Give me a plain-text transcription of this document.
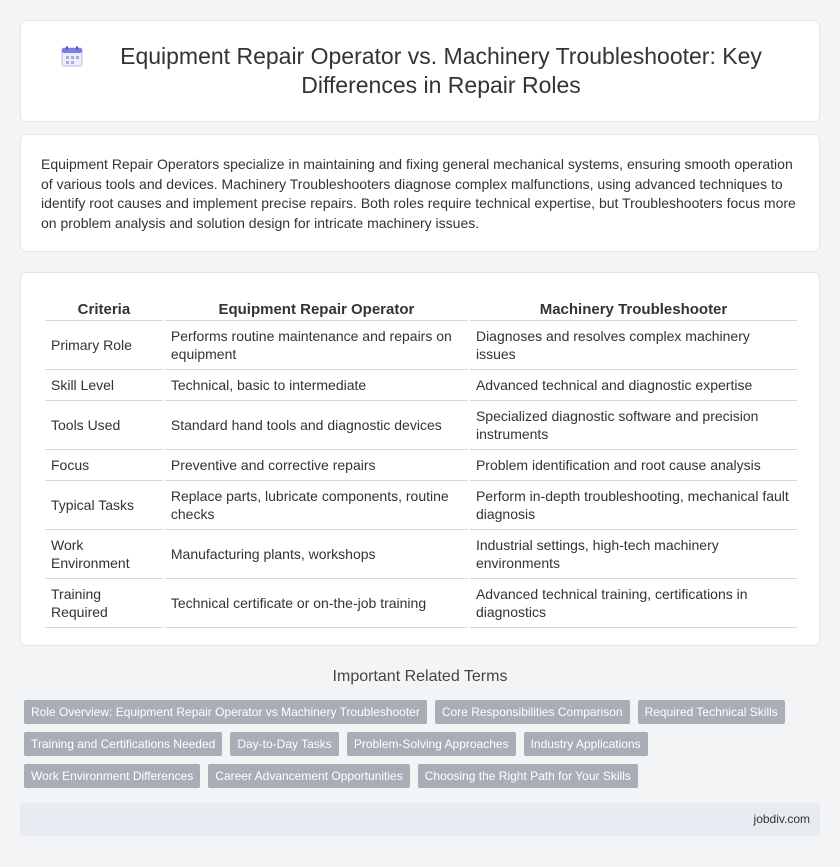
Equipment Repair Operator vs. Machinery Troubleshooter: Key Differences in Repair Roles

Equipment Repair Operators specialize in maintaining and fixing general mechanical systems, ensuring smooth operation of various tools and devices. Machinery Troubleshooters diagnose complex malfunctions, using advanced techniques to identify root causes and implement precise repairs. Both roles require technical expertise, but Troubleshooters focus more on problem analysis and solution design for intricate machinery issues.

Criteria	Equipment Repair Operator	Machinery Troubleshooter
Primary Role	Performs routine maintenance and repairs on equipment	Diagnoses and resolves complex machinery issues
Skill Level	Technical, basic to intermediate	Advanced technical and diagnostic expertise
Tools Used	Standard hand tools and diagnostic devices	Specialized diagnostic software and precision instruments
Focus	Preventive and corrective repairs	Problem identification and root cause analysis
Typical Tasks	Replace parts, lubricate components, routine checks	Perform in-depth troubleshooting, mechanical fault diagnosis
Work Environment	Manufacturing plants, workshops	Industrial settings, high-tech machinery environments
Training Required	Technical certificate or on-the-job training	Advanced technical training, certifications in diagnostics
Important Related Terms
Role Overview: Equipment Repair Operator vs Machinery Troubleshooter	Core Responsibilities Comparison	Required Technical Skills
Training and Certifications Needed	Day-to-Day Tasks	Problem-Solving Approaches	Industry Applications
Work Environment Differences	Career Advancement Opportunities	Choosing the Right Path for Your Skills
jobdiv.com
